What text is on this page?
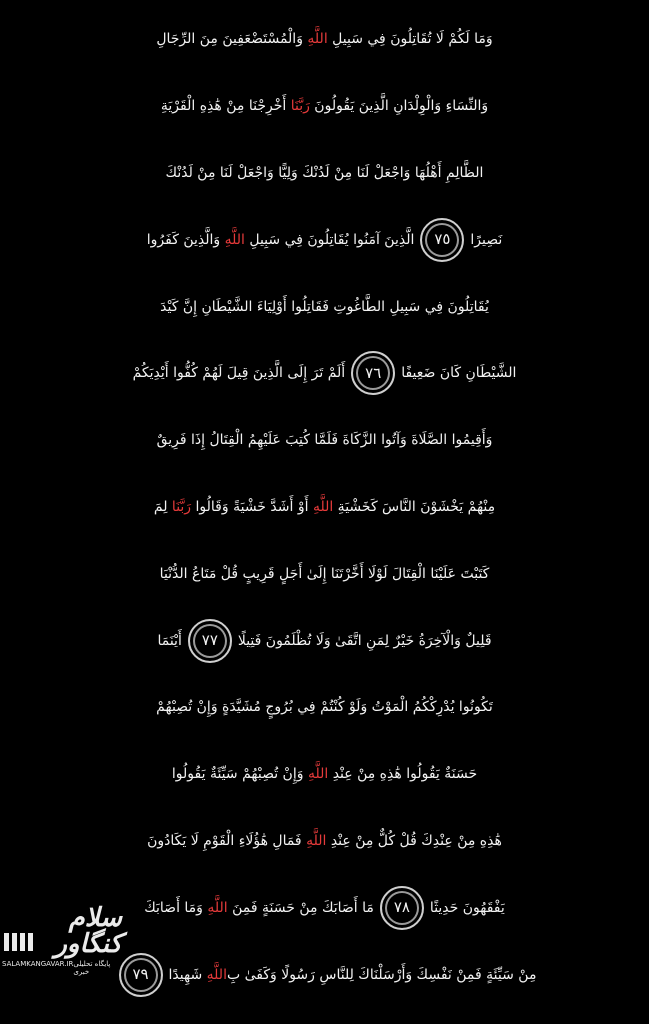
وَمَا لَكُمْ لَا تُقَاتِلُونَ فِي سَبِيلِ
اللَّهِ
وَالْمُسْتَضْعَفِينَ مِنَ الرِّجَالِ
وَالنِّسَاءِ وَالْوِلْدَانِ الَّذِينَ يَقُولُونَ
رَبَّنَا
أَخْرِجْنَا مِنْ هَٰذِهِ الْقَرْيَةِ
الظَّالِمِ أَهْلُهَا وَاجْعَلْ لَنَا مِنْ لَدُنْكَ وَلِيًّا وَاجْعَلْ لَنَا مِنْ لَدُنْكَ
نَصِيرًا
٧٥
الَّذِينَ آمَنُوا يُقَاتِلُونَ فِي سَبِيلِ
اللَّهِ
وَالَّذِينَ كَفَرُوا
يُقَاتِلُونَ فِي سَبِيلِ الطَّاغُوتِ فَقَاتِلُوا أَوْلِيَاءَ الشَّيْطَانِ إِنَّ كَيْدَ
الشَّيْطَانِ كَانَ ضَعِيفًا
٧٦
أَلَمْ تَرَ إِلَى الَّذِينَ قِيلَ لَهُمْ كُفُّوا أَيْدِيَكُمْ
وَأَقِيمُوا الصَّلَاةَ وَآتُوا الزَّكَاةَ فَلَمَّا كُتِبَ عَلَيْهِمُ الْقِتَالُ إِذَا فَرِيقٌ
مِنْهُمْ يَخْشَوْنَ النَّاسَ كَخَشْيَةِ
اللَّهِ
أَوْ أَشَدَّ خَشْيَةً وَقَالُوا
رَبَّنَا
لِمَ
كَتَبْتَ عَلَيْنَا الْقِتَالَ لَوْلَا أَخَّرْتَنَا إِلَىٰ أَجَلٍ قَرِيبٍ قُلْ مَتَاعُ الدُّنْيَا
قَلِيلٌ وَالْآخِرَةُ خَيْرٌ لِمَنِ اتَّقَىٰ وَلَا تُظْلَمُونَ فَتِيلًا
٧٧
أَيْنَمَا
تَكُونُوا يُدْرِكْكُمُ الْمَوْتُ وَلَوْ كُنْتُمْ فِي بُرُوجٍ مُشَيَّدَةٍ وَإِنْ تُصِبْهُمْ
حَسَنَةٌ يَقُولُوا هَٰذِهِ مِنْ عِنْدِ
اللَّهِ
وَإِنْ تُصِبْهُمْ سَيِّئَةٌ يَقُولُوا
هَٰذِهِ مِنْ عِنْدِكَ قُلْ كُلٌّ مِنْ عِنْدِ
اللَّهِ
فَمَالِ هَٰؤُلَاءِ الْقَوْمِ لَا يَكَادُونَ
يَفْقَهُونَ حَدِيثًا
٧٨
مَا أَصَابَكَ مِنْ حَسَنَةٍ فَمِنَ
اللَّهِ
وَمَا أَصَابَكَ
مِنْ سَيِّئَةٍ فَمِنْ نَفْسِكَ وَأَرْسَلْنَاكَ لِلنَّاسِ رَسُولًا وَكَفَىٰ بِ
اللَّهِ
شَهِيدًا
٧٩
سلام کنگاور
SALAMKANGAVAR.IR پایگاه تحلیلی خبری
